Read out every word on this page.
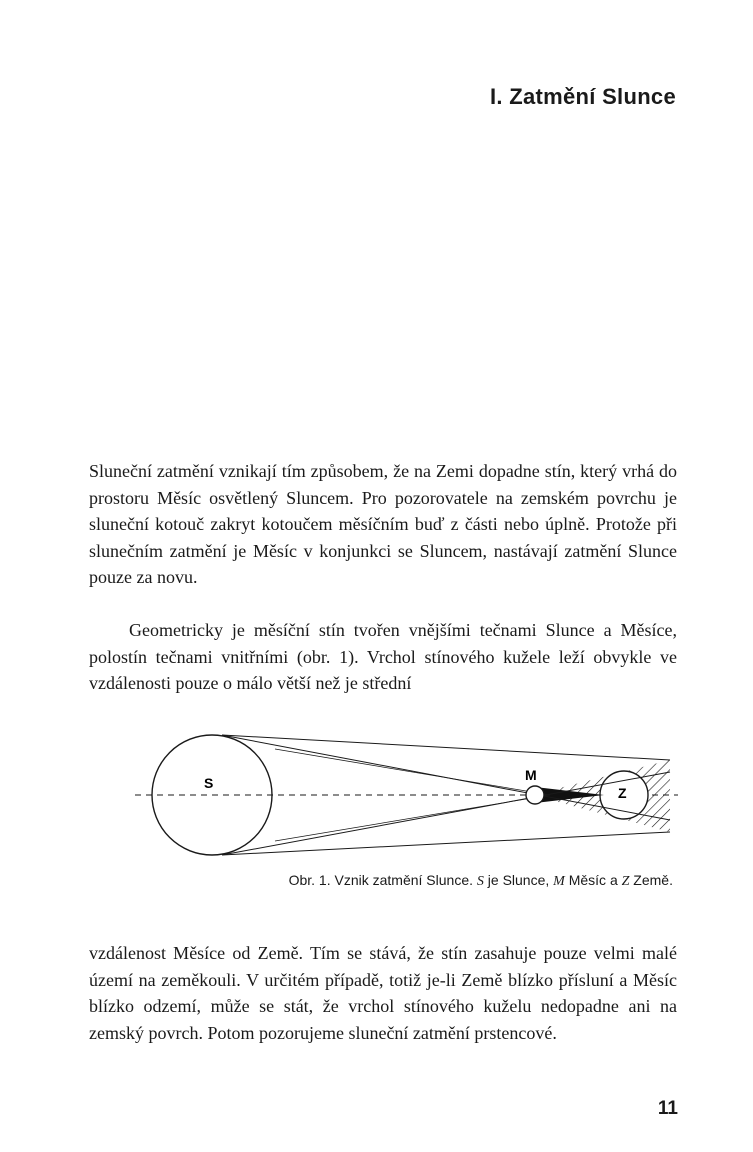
I. Zatmění Slunce

Sluneční zatmění vznikají tím způsobem, že na Zemi dopadne stín, který vrhá do prostoru Měsíc osvětlený Sluncem. Pro pozorovatele na zemském povrchu je sluneční kotouč zakryt kotoučem měsíčním buď z části nebo úplně. Protože při slunečním zatmění je Měsíc v konjunkci se Sluncem, nastávají zatmění Slunce pouze za novu.

Geometricky je měsíční stín tvořen vnějšími tečnami Slunce a Měsíce, polostín tečnami vnitřními (obr. 1). Vrchol stínového kužele leží obvykle ve vzdálenosti pouze o málo větší než je střední

S	M
Z

Obr. 1. Vznik zatmění Slunce. S je Slunce, M Měsíc a Z Země.

vzdálenost Měsíce od Země. Tím se stává, že stín zasahuje pouze velmi malé území na zeměkouli. V určitém případě, totiž je-li Země blízko přísluní a Měsíc blízko odzemí, může se stát, že vrchol stínového kuželu nedopadne ani na zemský povrch. Potom pozorujeme sluneční zatmění prstencové.

11
